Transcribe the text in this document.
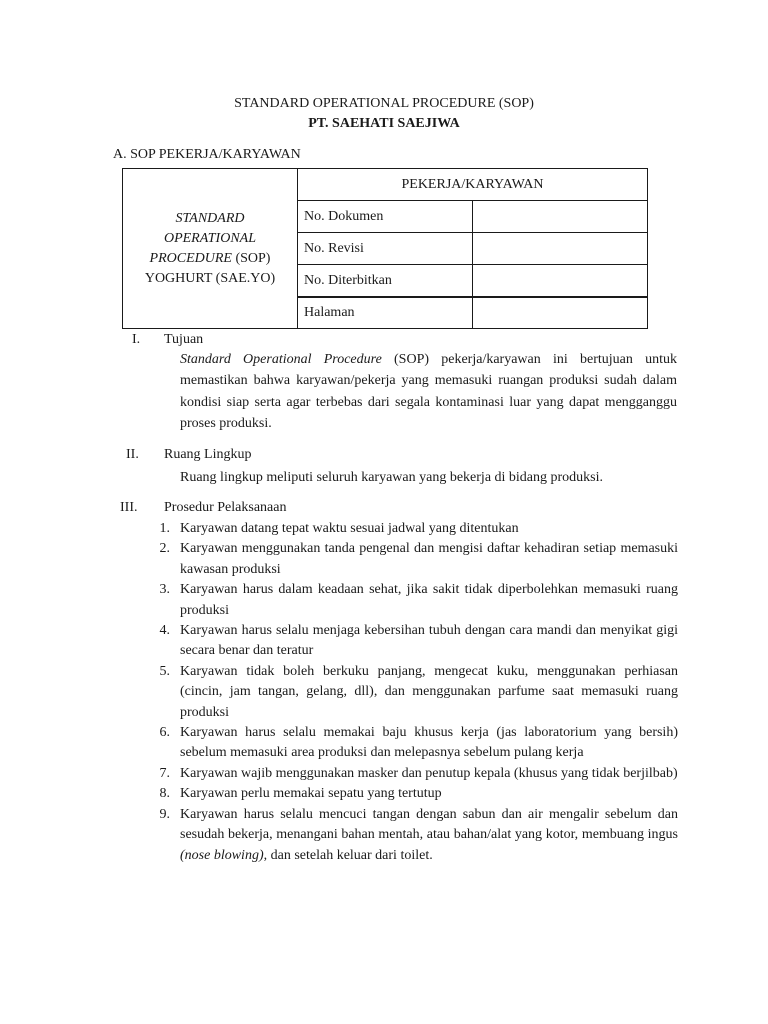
STANDARD OPERATIONAL PROCEDURE (SOP)
PT. SAEHATI SAEJIWA
A. SOP PEKERJA/KARYAWAN
STANDARD
OPERATIONAL
PROCEDURE (SOP)
YOGHURT (SAE.YO)	PEKERJA/KARYAWAN	
	No. Dokumen	
	No. Revisi	
	No. Diterbitkan	
	Halaman	
I. Tujuan
Standard Operational Procedure (SOP) pekerja/karyawan ini bertujuan untuk memastikan bahwa karyawan/pekerja yang memasuki ruangan produksi sudah dalam kondisi siap serta agar terbebas dari segala kontaminasi luar yang dapat mengganggu proses produksi.
II. Ruang Lingkup
Ruang lingkup meliputi seluruh karyawan yang bekerja di bidang produksi.
III. Prosedur Pelaksanaan
1. Karyawan datang tepat waktu sesuai jadwal yang ditentukan
2. Karyawan menggunakan tanda pengenal dan mengisi daftar kehadiran setiap memasuki kawasan produksi
3. Karyawan harus dalam keadaan sehat, jika sakit tidak diperbolehkan memasuki ruang produksi
4. Karyawan harus selalu menjaga kebersihan tubuh dengan cara mandi dan menyikat gigi secara benar dan teratur
5. Karyawan tidak boleh berkuku panjang, mengecat kuku, menggunakan perhiasan (cincin, jam tangan, gelang, dll), dan menggunakan parfume saat memasuki ruang produksi
6. Karyawan harus selalu memakai baju khusus kerja (jas laboratorium yang bersih) sebelum memasuki area produksi dan melepasnya sebelum pulang kerja
7. Karyawan wajib menggunakan masker dan penutup kepala (khusus yang tidak berjilbab)
8. Karyawan perlu memakai sepatu yang tertutup
9. Karyawan harus selalu mencuci tangan dengan sabun dan air mengalir sebelum dan sesudah bekerja, menangani bahan mentah, atau bahan/alat yang kotor, membuang ingus (nose blowing), dan setelah keluar dari toilet.
